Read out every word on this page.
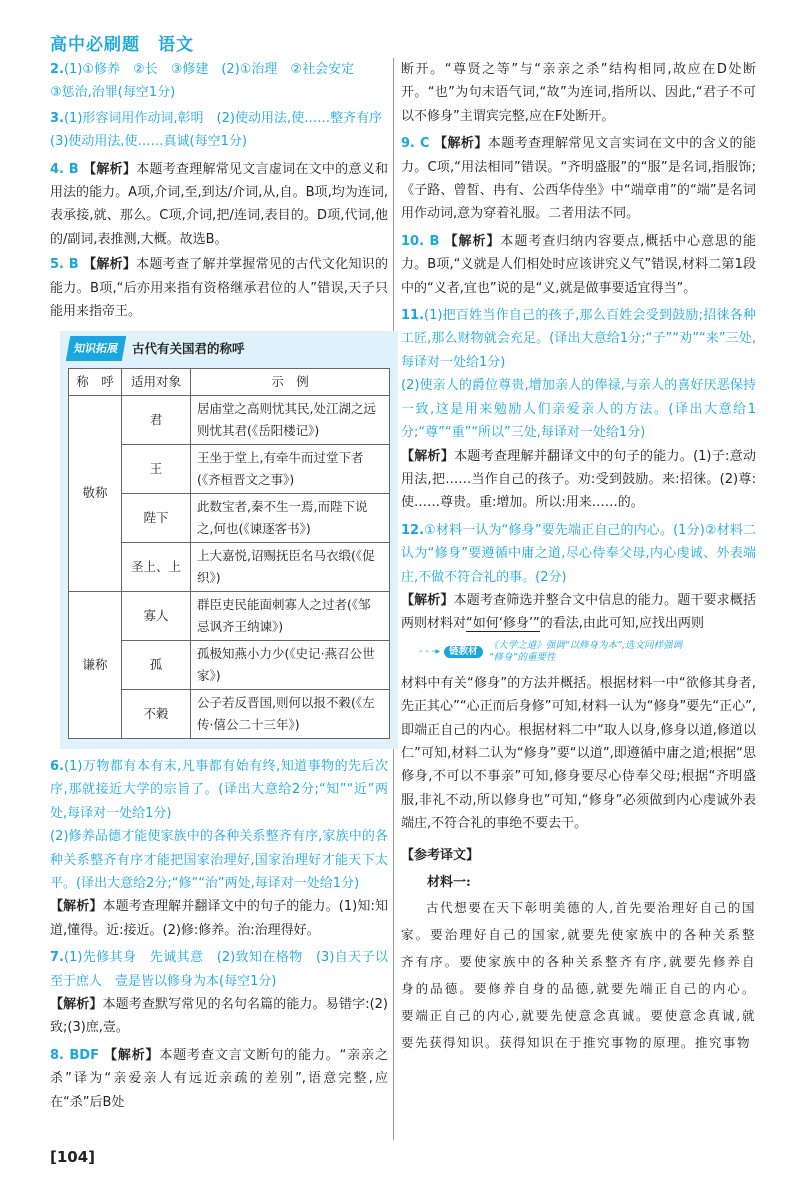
高中必刷题　语文
2.(1)①修养　②长　③修建　(2)①治理　②社会安定
③惩治,治罪(每空1分)
3.(1)形容词用作动词,彰明　(2)使动用法,使……整齐有序
(3)使动用法,使……真诚(每空1分)
4. B 【解析】本题考查理解常见文言虚词在文中的意义和用法的能力。A项,介词,至,到达/介词,从,自。B项,均为连词,表承接,就、那么。C项,介词,把/连词,表目的。D项,代词,他的/副词,表推测,大概。故选B。
5. B 【解析】本题考查了解并掌握常见的古代文化知识的能力。B项,“后亦用来指有资格继承君位的人”错误,天子只能用来指帝王。
知识拓展	古代有关国君的称呼
称　呼	适用对象	示　例
敬称	君	居庙堂之高则忧其民,处江湖之远则忧其君(《岳阳楼记》)
	王	王坐于堂上,有牵牛而过堂下者(《齐桓晋文之事》)
	陛下	此数宝者,秦不生一焉,而陛下说之,何也(《谏逐客书》)
	圣上、上	上大嘉悦,诏赐抚臣名马衣缎(《促织》)
谦称	寡人	群臣吏民能面刺寡人之过者(《邹忌讽齐王纳谏》)
	孤	孤极知燕小力少(《史记·燕召公世家》)
	不穀	公子若反晋国,则何以报不穀(《左传·僖公二十三年》)
6.(1)万物都有本有末,凡事都有始有终,知道事物的先后次序,那就接近大学的宗旨了。(译出大意给2分;“知”“近”两处,每译对一处给1分)
(2)修养品德才能使家族中的各种关系整齐有序,家族中的各种关系整齐有序才能把国家治理好,国家治理好才能天下太平。(译出大意给2分;“修”“治”两处,每译对一处给1分)
【解析】本题考查理解并翻译文中的句子的能力。(1)知:知道,懂得。近:接近。(2)修:修养。治:治理得好。
7.(1)先修其身　先诚其意　(2)致知在格物　(3)自天子以至于庶人　壹是皆以修身为本(每空1分)
【解析】本题考查默写常见的名句名篇的能力。易错字:(2)致;(3)庶,壹。
8. BDF 【解析】本题考查文言文断句的能力。“亲亲之杀”译为“亲爱亲人有远近亲疏的差别”,语意完整,应在“杀”后B处
断开。“尊贤之等”与“亲亲之杀”结构相同,故应在D处断开。“也”为句末语气词,“故”为连词,指所以、因此,“君子不可以不修身”主谓宾完整,应在F处断开。
9. C 【解析】本题考查理解常见文言实词在文中的含义的能力。C项,“用法相同”错误。“齐明盛服”的“服”是名词,指服饰;《子路、曾皙、冉有、公西华侍坐》中“端章甫”的“端”是名词用作动词,意为穿着礼服。二者用法不同。
10. B 【解析】本题考查归纳内容要点,概括中心意思的能力。B项,“义就是人们相处时应该讲究义气”错误,材料二第1段中的“义者,宜也”说的是“义,就是做事要适宜得当”。
11.(1)把百姓当作自己的孩子,那么百姓会受到鼓励;招徕各种工匠,那么财物就会充足。(译出大意给1分;“子”“劝”“来”三处,每译对一处给1分)
(2)使亲人的爵位尊贵,增加亲人的俸禄,与亲人的喜好厌恶保持一致,这是用来勉励人们亲爱亲人的方法。(译出大意给1分;“尊”“重”“所以”三处,每译对一处给1分)
【解析】本题考查理解并翻译文中的句子的能力。(1)子:意动用法,把……当作自己的孩子。劝:受到鼓励。来:招徕。(2)尊:使……尊贵。重:增加。所以:用来……的。
12.①材料一认为“修身”要先端正自己的内心。(1分)②材料二认为“修身”要遵循中庸之道,尽心侍奉父母,内心虔诚、外表端庄,不做不符合礼的事。(2分)
【解析】本题考查筛选并整合文中信息的能力。题干要求概括两则材料对“如何‘修身’”的看法,由此可知,应找出两则
- - -▸ 链教材
《大学之道》强调“以修身为本”,选文同样强调
“修身”的重要性
材料中有关“修身”的方法并概括。根据材料一中“欲修其身者,先正其心”“心正而后身修”可知,材料一认为“修身”要先“正心”,即端正自己的内心。根据材料二中“取人以身,修身以道,修道以仁”可知,材料二认为“修身”要“以道”,即遵循中庸之道;根据“思修身,不可以不事亲”可知,修身要尽心侍奉父母;根据“齐明盛服,非礼不动,所以修身也”可知,“修身”必须做到内心虔诚外表端庄,不符合礼的事绝不要去干。
【参考译文】
材料一:
古代想要在天下彰明美德的人,首先要治理好自己的国家。要治理好自己的国家,就要先使家族中的各种关系整齐有序。要使家族中的各种关系整齐有序,就要先修养自身的品德。要修养自身的品德,就要先端正自己的内心。要端正自己的内心,就要先使意念真诚。要使意念真诚,就要先获得知识。获得知识在于推究事物的原理。推究事物
[104]
